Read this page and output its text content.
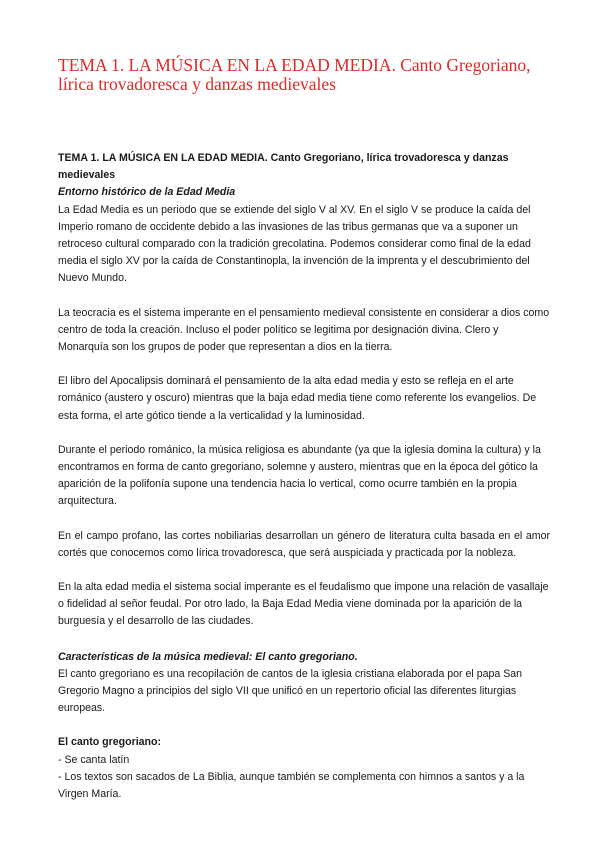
TEMA 1. LA MÚSICA EN LA EDAD MEDIA. Canto Gregoriano, lírica trovadoresca y danzas medievales

TEMA 1. LA MÚSICA EN LA EDAD MEDIA. Canto Gregoriano, lírica trovadoresca y danzas medievales

Entorno histórico de la Edad Media

La Edad Media es un periodo que se extiende del siglo V al XV. En el siglo V se produce la caída del Imperio romano de occidente debido a las invasiones de las tribus germanas que va a suponer un retroceso cultural comparado con la tradición grecolatina. Podemos considerar como final de la edad media el siglo XV por la caída de Constantinopla, la invención de la imprenta y el descubrimiento del Nuevo Mundo.

La teocracia es el sistema imperante en el pensamiento medieval consistente en considerar a dios como centro de toda la creación. Incluso el poder político se legitima por designación divina. Clero y Monarquía son los grupos de poder que representan a dios en la tierra.

El libro del Apocalipsis dominará el pensamiento de la alta edad media y esto se refleja en el arte románico (austero y oscuro) mientras que la baja edad media tiene como referente los evangelios. De esta forma, el arte gótico tiende a la verticalidad y la luminosidad.

Durante el periodo románico, la música religiosa es abundante (ya que la iglesia domina la cultura) y la encontramos en forma de canto gregoriano, solemne y austero, mientras que en la época del gótico la aparición de la polifonía supone una tendencia hacia lo vertical, como ocurre también en la propia arquitectura.

En el campo profano, las cortes nobiliarias desarrollan un género de literatura culta basada en el amor cortés que conocemos como lírica trovadoresca, que será auspiciada y practicada por la nobleza.

En la alta edad media el sistema social imperante es el feudalismo que impone una relación de vasallaje o fidelidad al señor feudal. Por otro lado, la Baja Edad Media viene dominada por la aparición de la burguesía y el desarrollo de las ciudades.

Características de la música medieval: El canto gregoriano.

El canto gregoriano es una recopilación de cantos de la iglesia cristiana elaborada por el papa San Gregorio Magno a principios del siglo VII que unificó en un repertorio oficial las diferentes liturgias europeas.

El canto gregoriano:

- Se canta latín

- Los textos son sacados de La Biblia, aunque también se complementa con himnos a santos y a la Virgen María.
